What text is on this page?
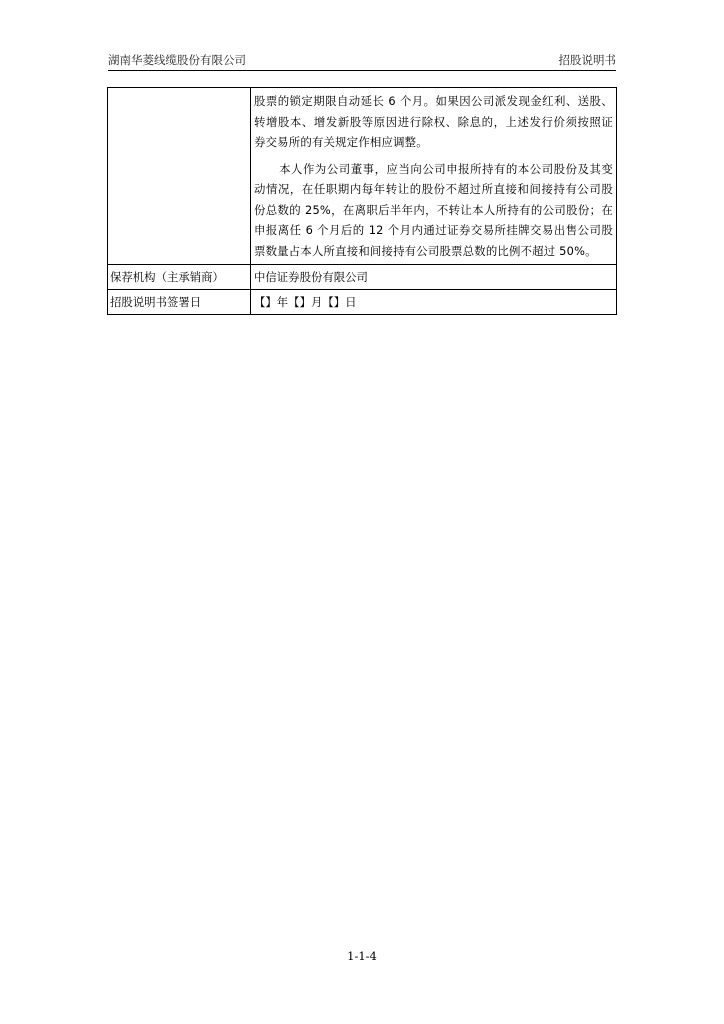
湖南华菱线缆股份有限公司	招股说明书

	股票的锁定期限自动延长 6 个月。如果因公司派发现金红利、送股、转增股本、增发新股等原因进行除权、除息的，上述发行价须按照证券交易所的有关规定作相应调整。

本人作为公司董事，应当向公司申报所持有的本公司股份及其变动情况，在任职期内每年转让的股份不超过所直接和间接持有公司股份总数的 25%，在离职后半年内，不转让本人所持有的公司股份；在申报离任 6 个月后的 12 个月内通过证券交易所挂牌交易出售公司股票数量占本人所直接和间接持有公司股票总数的比例不超过 50%。

保荐机构（主承销商）	中信证券股份有限公司
招股说明书签署日	【】年【】月【】日
1-1-4
